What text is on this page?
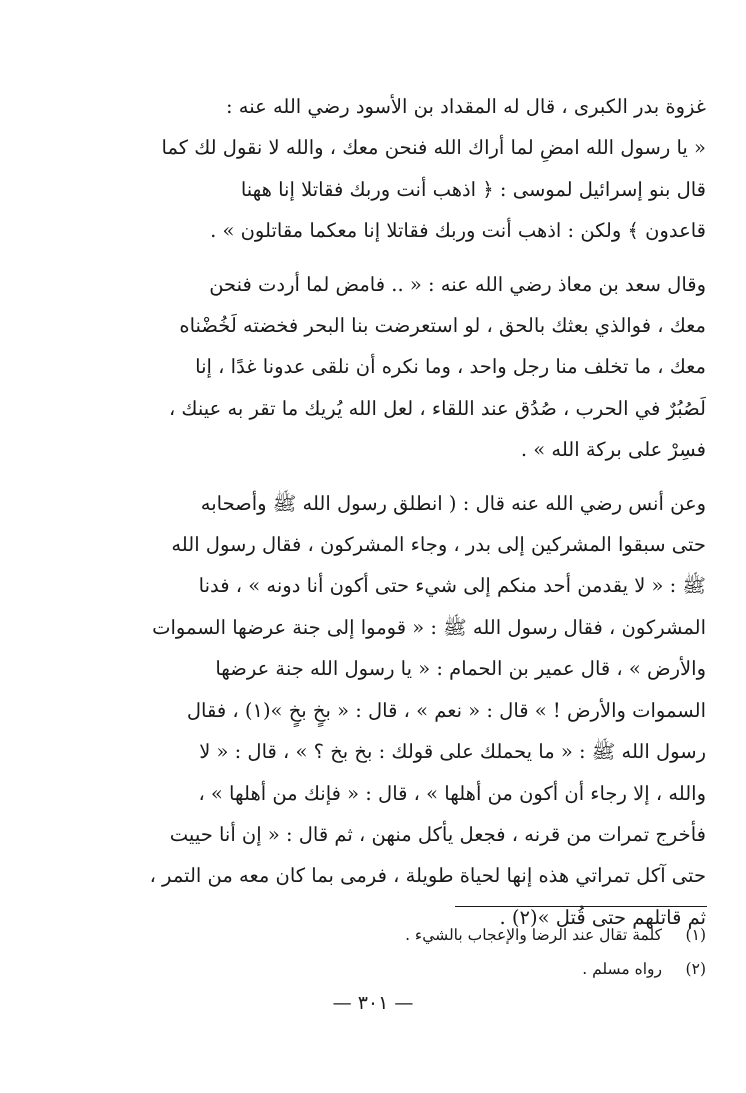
غزوة بدر الكبرى ، قال له المقداد بن الأسود رضي الله عنه :
« يا رسول الله امضِ لما أراك الله فنحن معك ، والله لا نقول لك كما
قال بنو إسرائيل لموسى : ﴿ اذهب أنت وربك فقاتلا إنا ههنا
قاعدون ﴾ ولكن : اذهب أنت وربك فقاتلا إنا معكما مقاتلون » .
وقال سعد بن معاذ رضي الله عنه : « .. فامض لما أردت فنحن
معك ، فوالذي بعثك بالحق ، لو استعرضت بنا البحر فخضته لَخُضْناه
معك ، ما تخلف منا رجل واحد ، وما نكره أن نلقى عدونا غدًا ، إنا
لَصُبُرٌ في الحرب ، صُدُق عند اللقاء ، لعل الله يُريك ما تقر به عينك ،
فسِرْ على بركة الله » .
وعن أنس رضي الله عنه قال : ( انطلق رسول الله ﷺ وأصحابه
حتى سبقوا المشركين إلى بدر ، وجاء المشركون ، فقال رسول الله
ﷺ : « لا يقدمن أحد منكم إلى شيء حتى أكون أنا دونه » ، فدنا
المشركون ، فقال رسول الله ﷺ : « قوموا إلى جنة عرضها السموات
والأرض » ، قال عمير بن الحمام : « يا رسول الله جنة عرضها
السموات والأرض ! » قال : « نعم » ، قال : « بخٍ بخٍ »(١) ، فقال
رسول الله ﷺ : « ما يحملك على قولك : بخ بخ ؟ » ، قال : « لا
والله ، إلا رجاء أن أكون من أهلها » ، قال : « فإنك من أهلها » ،
فأخرج تمرات من قرنه ، فجعل يأكل منهن ، ثم قال : « إن أنا حييت
حتى آكل تمراتي هذه إنها لحياة طويلة ، فرمى بما كان معه من التمر ،
ثم قاتلهم حتى قُتل »(٢) .
(١)كلمة تقال عند الرضا والإعجاب بالشيء .
(٢)رواه مسلم .
— ٣٠١ —
